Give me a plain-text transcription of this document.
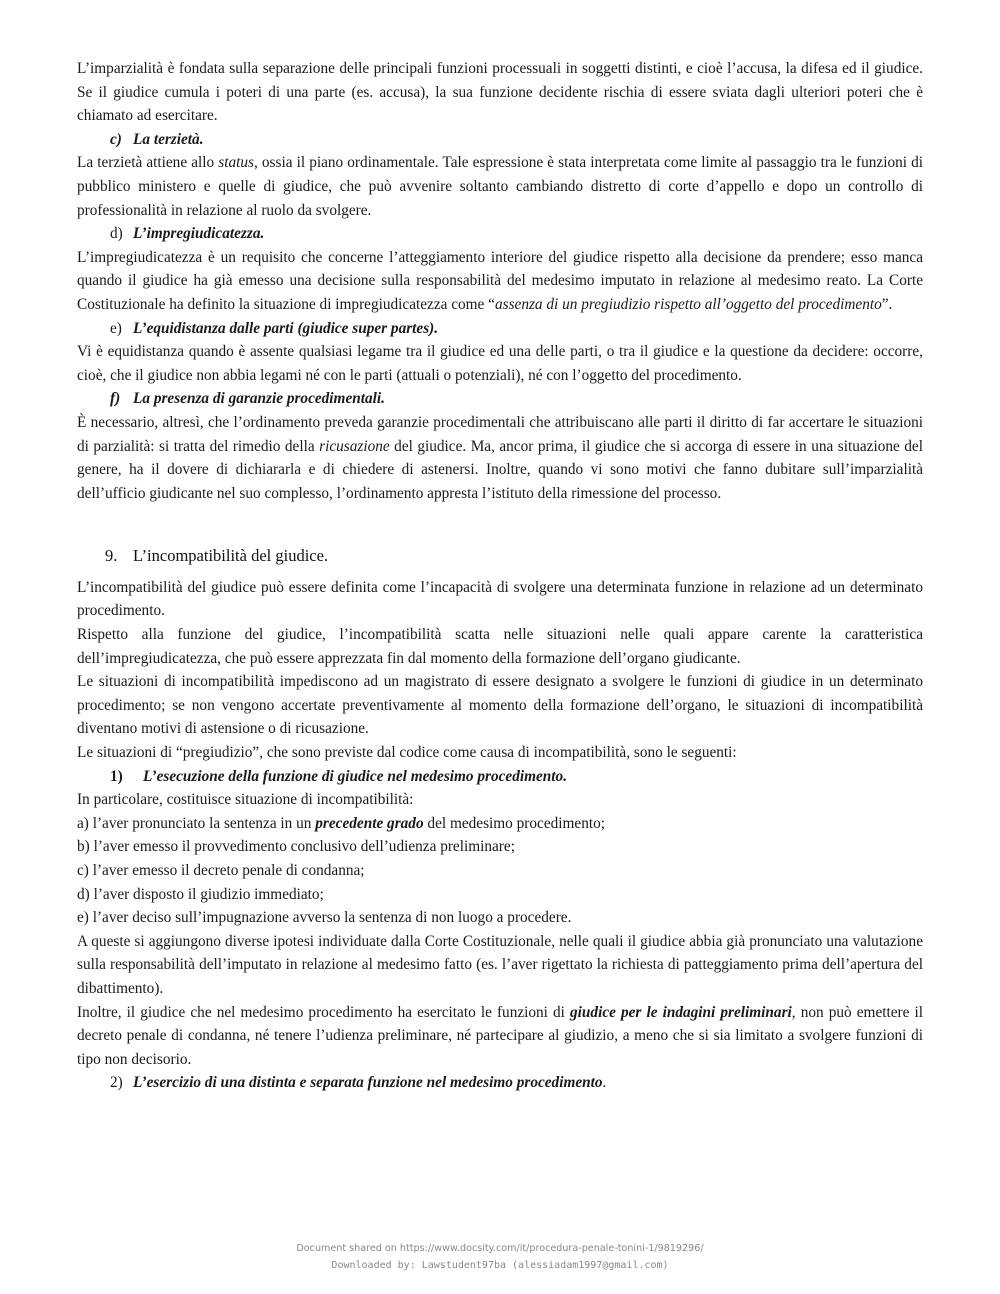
L’imparzialità è fondata sulla separazione delle principali funzioni processuali in soggetti distinti, e cioè l’accusa, la difesa ed il giudice. Se il giudice cumula i poteri di una parte (es. accusa), la sua funzione decidente rischia di essere sviata dagli ulteriori poteri che è chiamato ad esercitare.

c) La terzietà.

La terzietà attiene allo status, ossia il piano ordinamentale. Tale espressione è stata interpretata come limite al passaggio tra le funzioni di pubblico ministero e quelle di giudice, che può avvenire soltanto cambiando distretto di corte d’appello e dopo un controllo di professionalità in relazione al ruolo da svolgere.

d) L’impregiudicatezza.

L’impregiudicatezza è un requisito che concerne l’atteggiamento interiore del giudice rispetto alla decisione da prendere; esso manca quando il giudice ha già emesso una decisione sulla responsabilità del medesimo imputato in relazione al medesimo reato. La Corte Costituzionale ha definito la situazione di impregiudicatezza come “assenza di un pregiudizio rispetto all’oggetto del procedimento”.

e) L’equidistanza dalle parti (giudice super partes).

Vi è equidistanza quando è assente qualsiasi legame tra il giudice ed una delle parti, o tra il giudice e la questione da decidere: occorre, cioè, che il giudice non abbia legami né con le parti (attuali o potenziali), né con l’oggetto del procedimento.

f) La presenza di garanzie procedimentali.

È necessario, altresì, che l’ordinamento preveda garanzie procedimentali che attribuiscano alle parti il diritto di far accertare le situazioni di parzialità: si tratta del rimedio della ricusazione del giudice. Ma, ancor prima, il giudice che si accorga di essere in una situazione del genere, ha il dovere di dichiararla e di chiedere di astenersi. Inoltre, quando vi sono motivi che fanno dubitare sull’imparzialità dell’ufficio giudicante nel suo complesso, l’ordinamento appresta l’istituto della rimessione del processo.

9. L’incompatibilità del giudice.

L’incompatibilità del giudice può essere definita come l’incapacità di svolgere una determinata funzione in relazione ad un determinato procedimento.

Rispetto alla funzione del giudice, l’incompatibilità scatta nelle situazioni nelle quali appare carente la caratteristica dell’impregiudicatezza, che può essere apprezzata fin dal momento della formazione dell’organo giudicante.

Le situazioni di incompatibilità impediscono ad un magistrato di essere designato a svolgere le funzioni di giudice in un determinato procedimento; se non vengono accertate preventivamente al momento della formazione dell’organo, le situazioni di incompatibilità diventano motivi di astensione o di ricusazione.

Le situazioni di “pregiudizio”, che sono previste dal codice come causa di incompatibilità, sono le seguenti:

1)	L’esecuzione della funzione di giudice nel medesimo procedimento.

In particolare, costituisce situazione di incompatibilità:

a) l’aver pronunciato la sentenza in un precedente grado del medesimo procedimento;

b) l’aver emesso il provvedimento conclusivo dell’udienza preliminare;

c) l’aver emesso il decreto penale di condanna;

d) l’aver disposto il giudizio immediato;

e) l’aver deciso sull’impugnazione avverso la sentenza di non luogo a procedere.

A queste si aggiungono diverse ipotesi individuate dalla Corte Costituzionale, nelle quali il giudice abbia già pronunciato una valutazione sulla responsabilità dell’imputato in relazione al medesimo fatto (es. l’aver rigettato la richiesta di patteggiamento prima dell’apertura del dibattimento).

Inoltre, il giudice che nel medesimo procedimento ha esercitato le funzioni di giudice per le indagini preliminari, non può emettere il decreto penale di condanna, né tenere l’udienza preliminare, né partecipare al giudizio, a meno che si sia limitato a svolgere funzioni di tipo non decisorio.

2) L’esercizio di una distinta e separata funzione nel medesimo procedimento.
Document shared on https://www.docsity.com/it/procedura-penale-tonini-1/9819296/
Downloaded by: Lawstudent97ba (alessiadam1997@gmail.com)
